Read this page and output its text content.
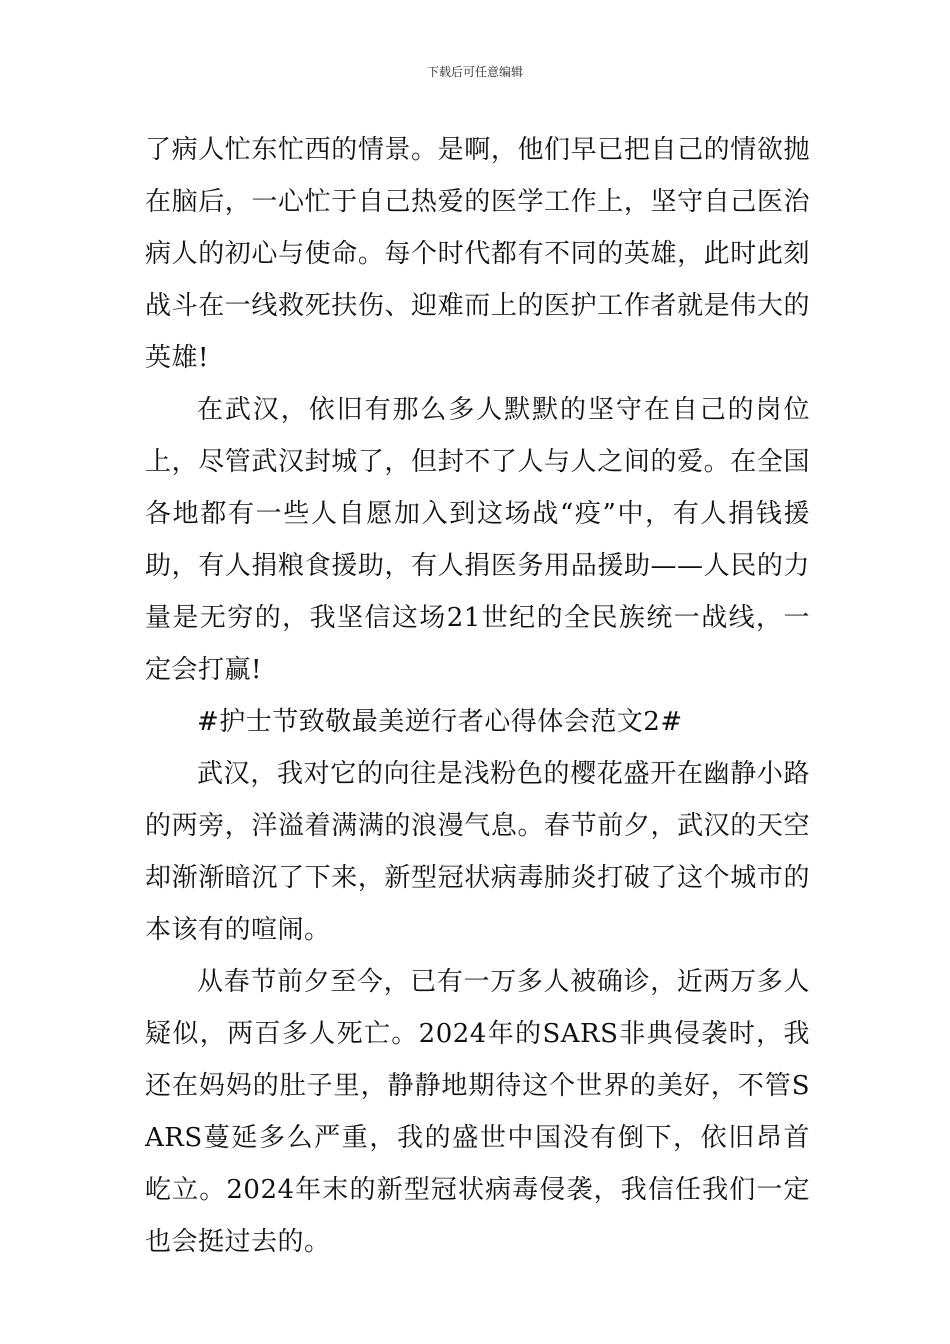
下载后可任意编辑

了病人忙东忙西的情景。是啊，他们早已把自己的情欲抛在脑后，一心忙于自己热爱的医学工作上，坚守自己医治病人的初心与使命。每个时代都有不同的英雄，此时此刻战斗在一线救死扶伤、迎难而上的医护工作者就是伟大的英雄!

在武汉，依旧有那么多人默默的坚守在自己的岗位上，尽管武汉封城了，但封不了人与人之间的爱。在全国各地都有一些人自愿加入到这场战“疫”中，有人捐钱援助，有人捐粮食援助，有人捐医务用品援助——人民的力量是无穷的，我坚信这场21世纪的全民族统一战线，一定会打赢!

#护士节致敬最美逆行者心得体会范文2#

武汉，我对它的向往是浅粉色的樱花盛开在幽静小路的两旁，洋溢着满满的浪漫气息。春节前夕，武汉的天空却渐渐暗沉了下来，新型冠状病毒肺炎打破了这个城市的本该有的喧闹。

从春节前夕至今，已有一万多人被确诊，近两万多人疑似，两百多人死亡。2024年的SARS非典侵袭时，我还在妈妈的肚子里，静静地期待这个世界的美好，不管SARS蔓延多么严重，我的盛世中国没有倒下，依旧昂首屹立。2024年末的新型冠状病毒侵袭，我信任我们一定也会挺过去的。
